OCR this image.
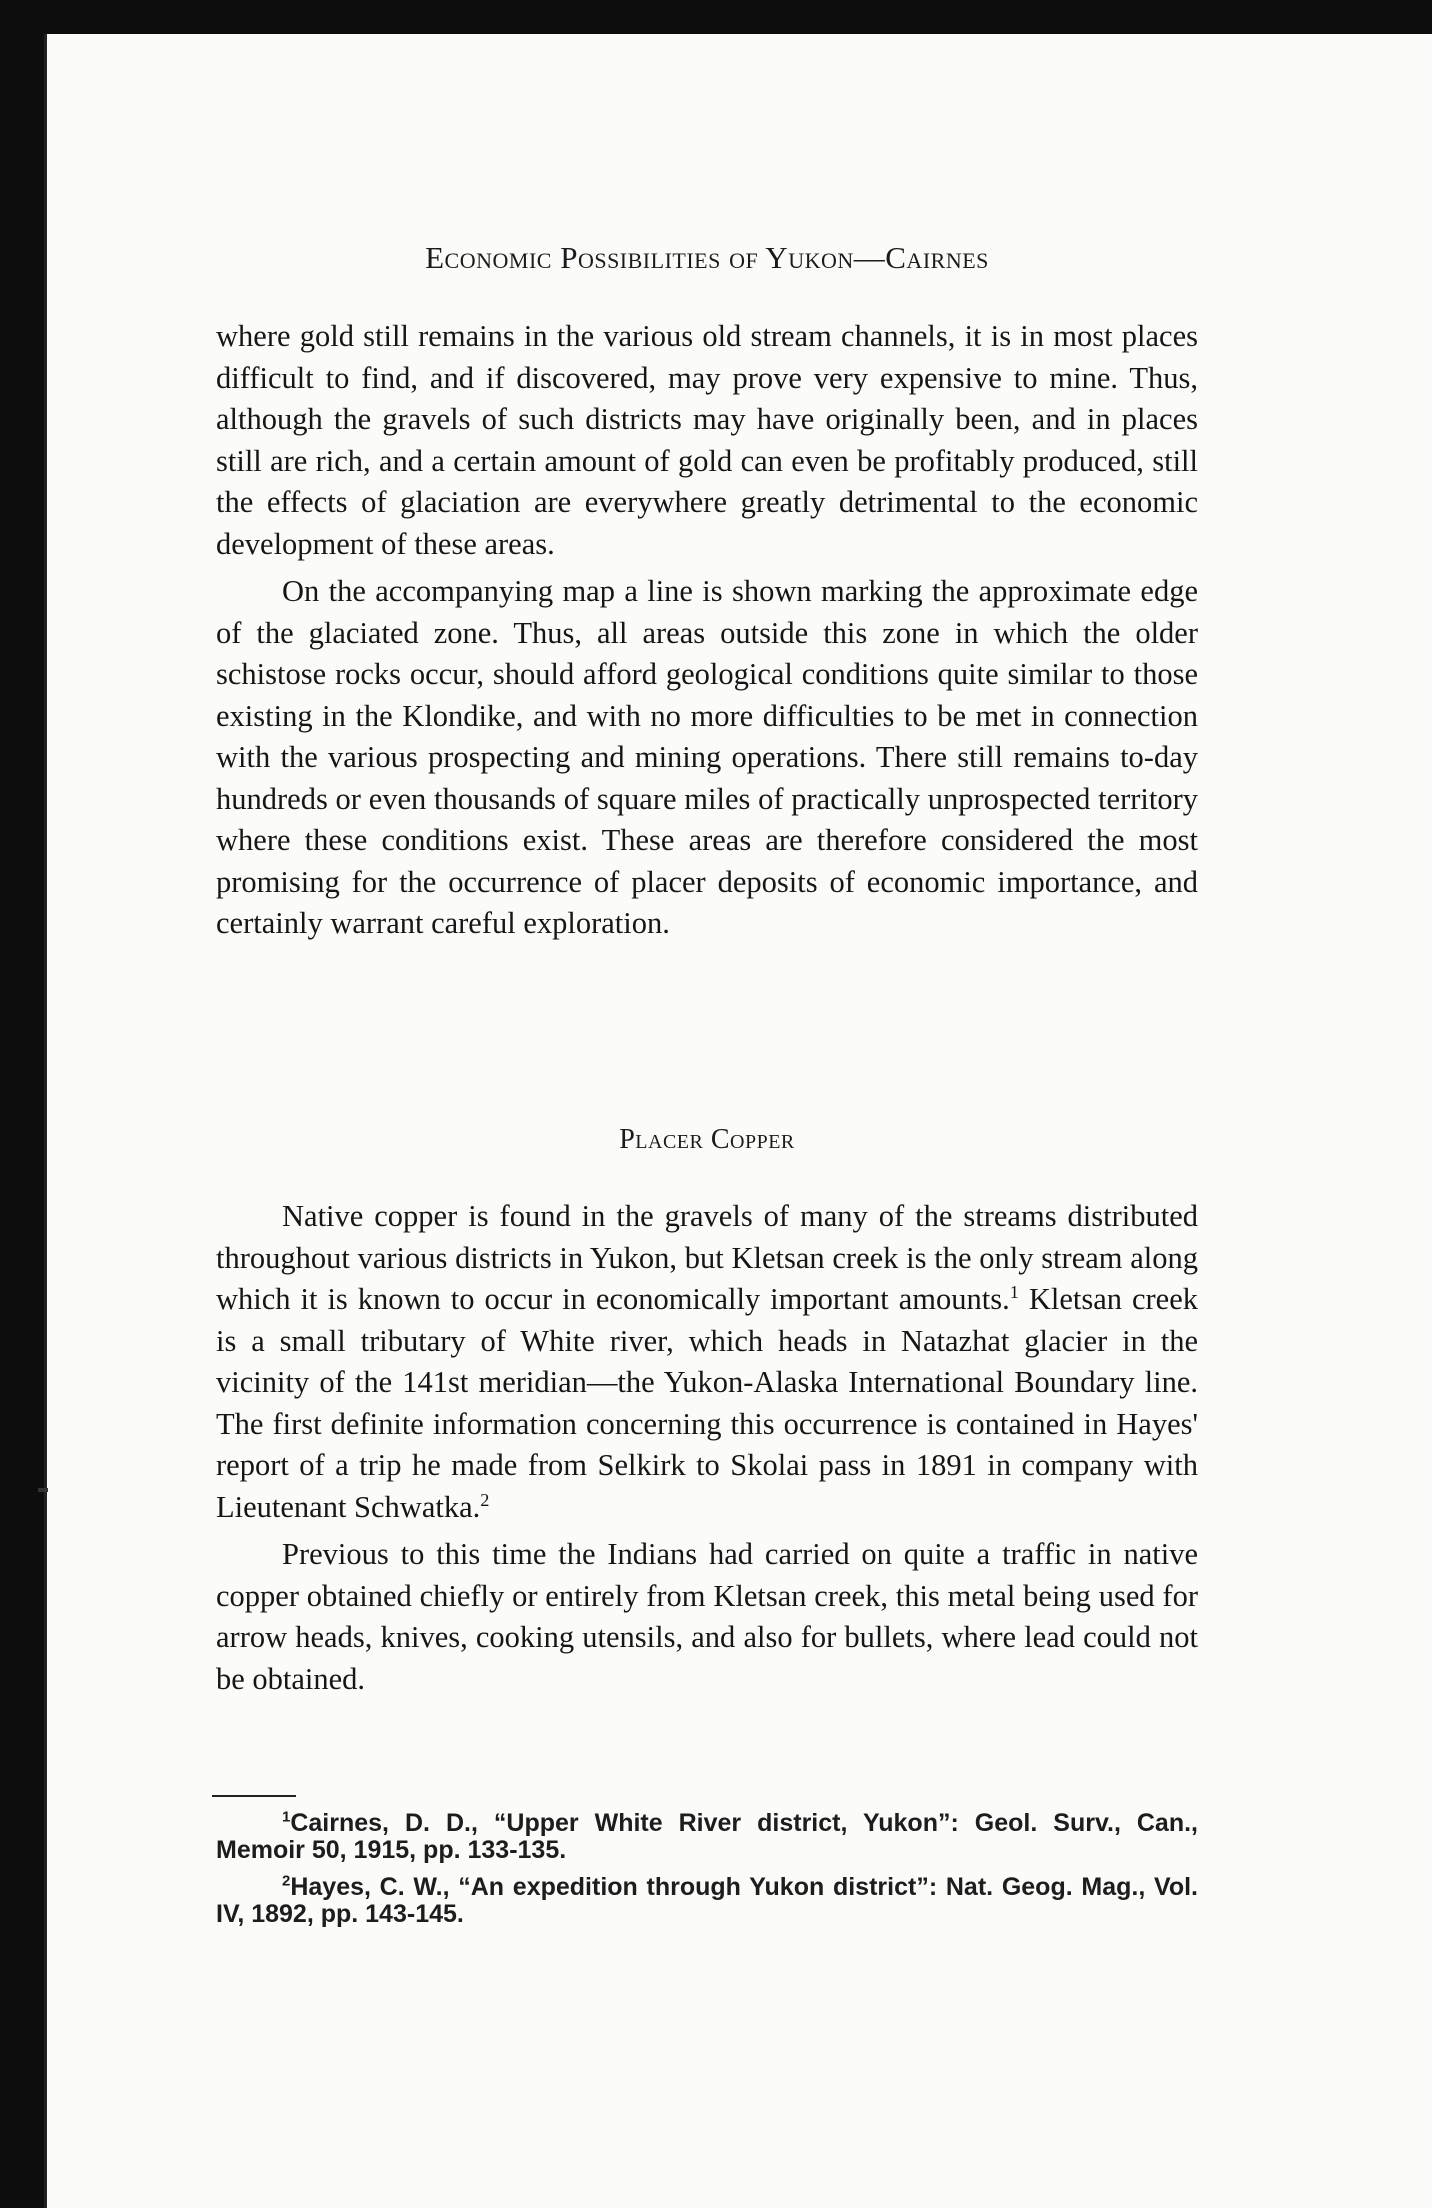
Economic Possibilities of Yukon—Cairnes

where gold still remains in the various old stream channels, it is in most places difficult to find, and if discovered, may prove very expensive to mine. Thus, although the gravels of such districts may have originally been, and in places still are rich, and a certain amount of gold can even be profitably produced, still the effects of glaciation are everywhere greatly detrimental to the economic development of these areas.

On the accompanying map a line is shown marking the approximate edge of the glaciated zone. Thus, all areas outside this zone in which the older schistose rocks occur, should afford geological conditions quite similar to those existing in the Klondike, and with no more difficulties to be met in connection with the various prospecting and mining operations. There still remains to-day hundreds or even thousands of square miles of practically unprospected territory where these conditions exist. These areas are therefore considered the most promising for the occurrence of placer deposits of economic importance, and certainly warrant careful exploration.

Placer Copper

Native copper is found in the gravels of many of the streams distributed throughout various districts in Yukon, but Kletsan creek is the only stream along which it is known to occur in economically important amounts.$^1$ Kletsan creek is a small tributary of White river, which heads in Natazhat glacier in the vicinity of the 141st meridian—the Yukon-Alaska International Boundary line. The first definite information concerning this occurrence is contained in Hayes' report of a trip he made from Selkirk to Skolai pass in 1891 in company with Lieutenant Schwatka.$^2$

Previous to this time the Indians had carried on quite a traffic in native copper obtained chiefly or entirely from Kletsan creek, this metal being used for arrow heads, knives, cooking utensils, and also for bullets, where lead could not be obtained.

$^1$Cairnes, D. D., “Upper White River district, Yukon”: Geol. Surv., Can., Memoir 50, 1915, pp. 133-135.

$^2$Hayes, C. W., “An expedition through Yukon district”: Nat. Geog. Mag., Vol. IV, 1892, pp. 143-145.
